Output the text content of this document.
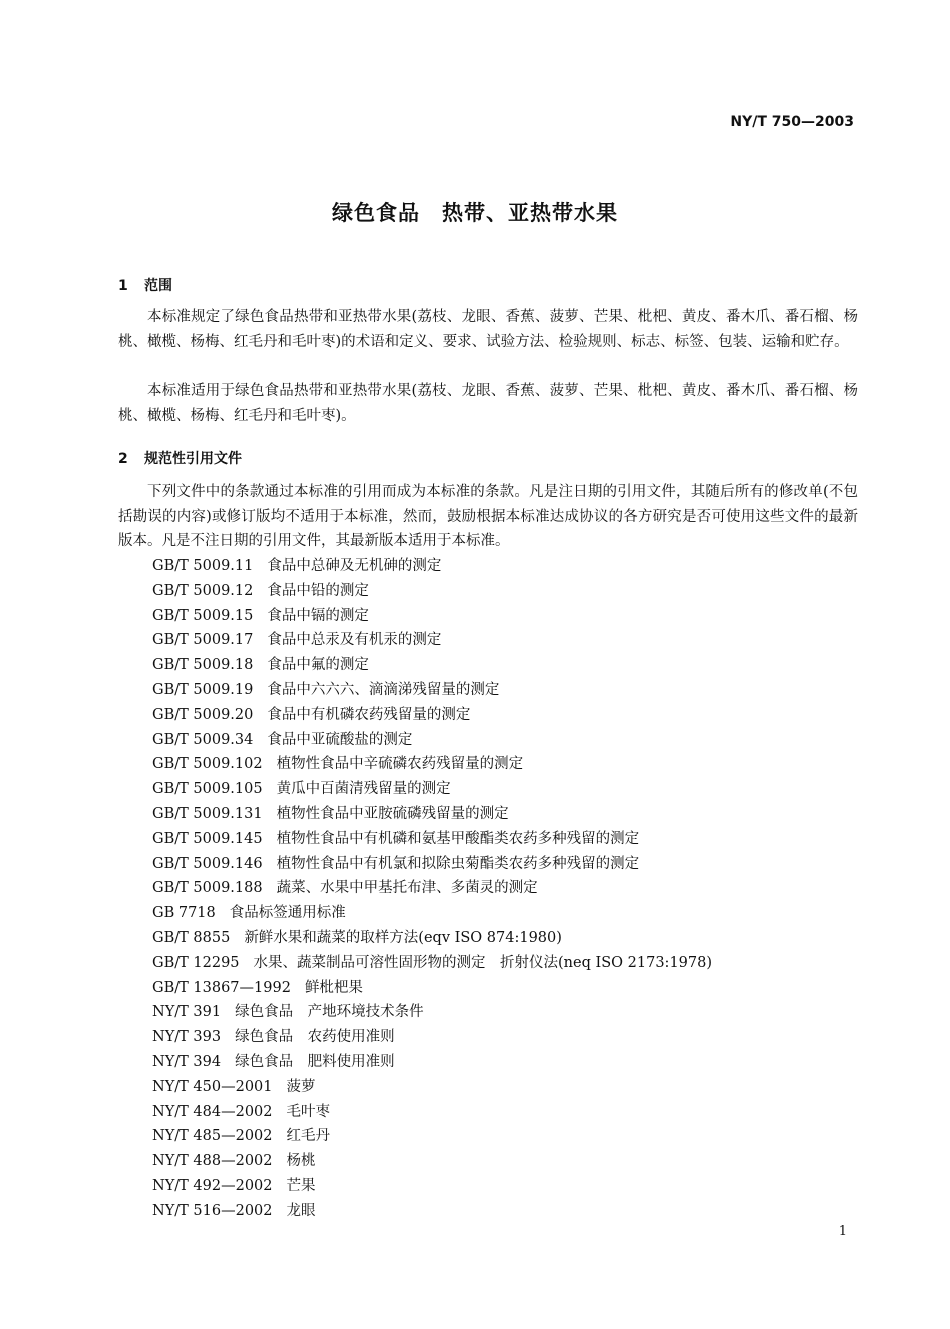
NY/T 750—2003
绿色食品　热带、亚热带水果
1 范围

本标准规定了绿色食品热带和亚热带水果(荔枝、龙眼、香蕉、菠萝、芒果、枇杷、黄皮、番木爪、番石榴、杨桃、橄榄、杨梅、红毛丹和毛叶枣)的术语和定义、要求、试验方法、检验规则、标志、标签、包装、运输和贮存。

本标准适用于绿色食品热带和亚热带水果(荔枝、龙眼、香蕉、菠萝、芒果、枇杷、黄皮、番木爪、番石榴、杨桃、橄榄、杨梅、红毛丹和毛叶枣)。

2 规范性引用文件

下列文件中的条款通过本标准的引用而成为本标准的条款。凡是注日期的引用文件，其随后所有的修改单(不包括勘误的内容)或修订版均不适用于本标准，然而，鼓励根据本标准达成协议的各方研究是否可使用这些文件的最新版本。凡是不注日期的引用文件，其最新版本适用于本标准。

GB/T 5009.11 食品中总砷及无机砷的测定
GB/T 5009.12 食品中铅的测定
GB/T 5009.15 食品中镉的测定
GB/T 5009.17 食品中总汞及有机汞的测定
GB/T 5009.18 食品中氟的测定
GB/T 5009.19 食品中六六六、滴滴涕残留量的测定
GB/T 5009.20 食品中有机磷农药残留量的测定
GB/T 5009.34 食品中亚硫酸盐的测定
GB/T 5009.102 植物性食品中辛硫磷农药残留量的测定
GB/T 5009.105 黄瓜中百菌清残留量的测定
GB/T 5009.131 植物性食品中亚胺硫磷残留量的测定
GB/T 5009.145 植物性食品中有机磷和氨基甲酸酯类农药多种残留的测定
GB/T 5009.146 植物性食品中有机氯和拟除虫菊酯类农药多种残留的测定
GB/T 5009.188 蔬菜、水果中甲基托布津、多菌灵的测定
GB 7718 食品标签通用标准
GB/T 8855 新鲜水果和蔬菜的取样方法(eqv ISO 874:1980)
GB/T 12295 水果、蔬菜制品可溶性固形物的测定　折射仪法(neq ISO 2173:1978)
GB/T 13867—1992 鲜枇杷果
NY/T 391 绿色食品　产地环境技术条件
NY/T 393 绿色食品　农药使用准则
NY/T 394 绿色食品　肥料使用准则
NY/T 450—2001 菠萝
NY/T 484—2002 毛叶枣
NY/T 485—2002 红毛丹
NY/T 488—2002 杨桃
NY/T 492—2002 芒果
NY/T 516—2002 龙眼
1
